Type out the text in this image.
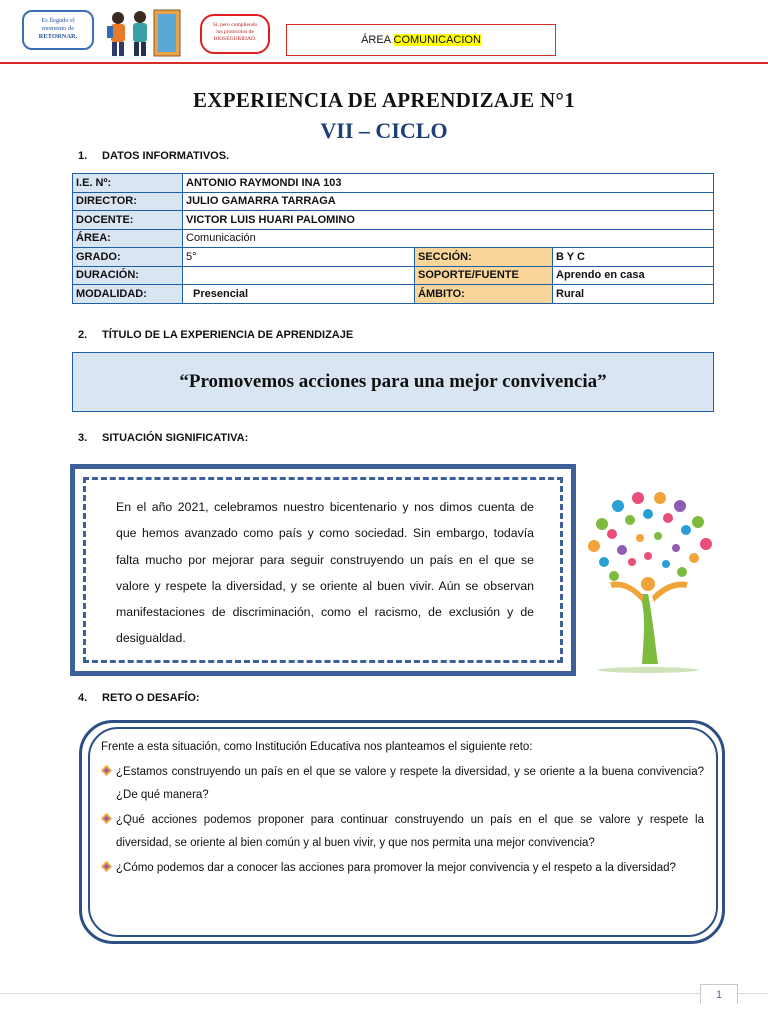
Es llegado el
momento de
RETORNAR.
Sí, pero cumpliendo
los protocolos de
BIOSEGURIDAD.	ÁREA COMUNICACION
EXPERIENCIA DE APRENDIZAJE N°1
VII – CICLO
1. DATOS INFORMATIVOS.
I.E. Nº:	ANTONIO RAYMONDI INA 103		
DIRECTOR:	JULIO GAMARRA TARRAGA		
DOCENTE:	VICTOR LUIS HUARI PALOMINO		
ÁREA:	Comunicación		
GRADO:	5°	SECCIÓN:	B Y C
DURACIÓN:		SOPORTE/FUENTE	Aprendo en casa
MODALIDAD:	Presencial	ÁMBITO:	Rural
2. TÍTULO DE LA EXPERIENCIA DE APRENDIZAJE
“Promovemos acciones para una mejor convivencia”
3. SITUACIÓN SIGNIFICATIVA:
En el año 2021, celebramos nuestro bicentenario y nos dimos cuenta de que hemos avanzado como país y como sociedad. Sin embargo, todavía falta mucho por mejorar para seguir construyendo un país en el que se valore y respete la diversidad, y se oriente al buen vivir. Aún se observan manifestaciones de discriminación, como el racismo, de exclusión y de desigualdad.
4. RETO O DESAFÍO:
Frente a esta situación, como Institución Educativa nos planteamos el siguiente reto:
¿Estamos construyendo un país en el que se valore y respete la diversidad, y se oriente a la buena convivencia? ¿De qué manera?
¿Qué acciones podemos proponer para continuar construyendo un país en el que se valore y respete la diversidad, se oriente al bien común y al buen vivir, y que nos permita una mejor convivencia?
¿Cómo podemos dar a conocer las acciones para promover la mejor convivencia y el respeto a la diversidad?
1
